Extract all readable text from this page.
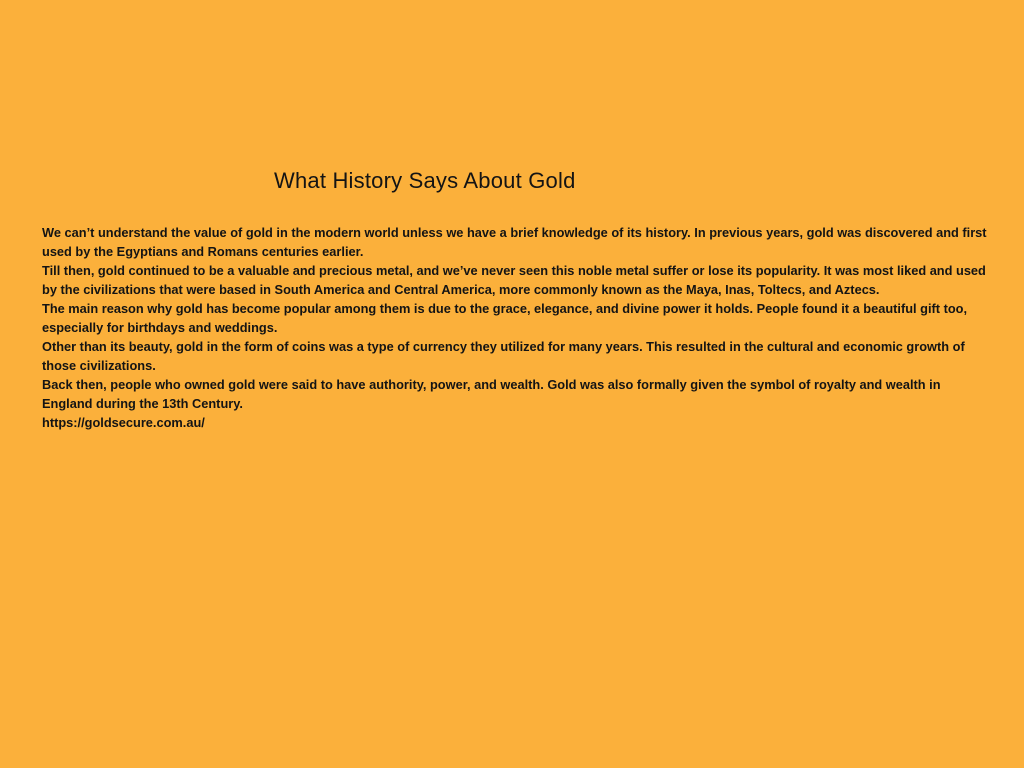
What History Says About Gold

We can’t understand the value of gold in the modern world unless we have a brief knowledge of its history. In previous years, gold was discovered and first used by the Egyptians and Romans centuries earlier.

Till then, gold continued to be a valuable and precious metal, and we’ve never seen this noble metal suffer or lose its popularity. It was most liked and used by the civilizations that were based in South America and Central America, more commonly known as the Maya, Inas, Toltecs, and Aztecs.

The main reason why gold has become popular among them is due to the grace, elegance, and divine power it holds. People found it a beautiful gift too, especially for birthdays and weddings.

Other than its beauty, gold in the form of coins was a type of currency they utilized for many years. This resulted in the cultural and economic growth of those civilizations.

Back then, people who owned gold were said to have authority, power, and wealth. Gold was also formally given the symbol of royalty and wealth in England during the 13th Century.

https://goldsecure.com.au/
